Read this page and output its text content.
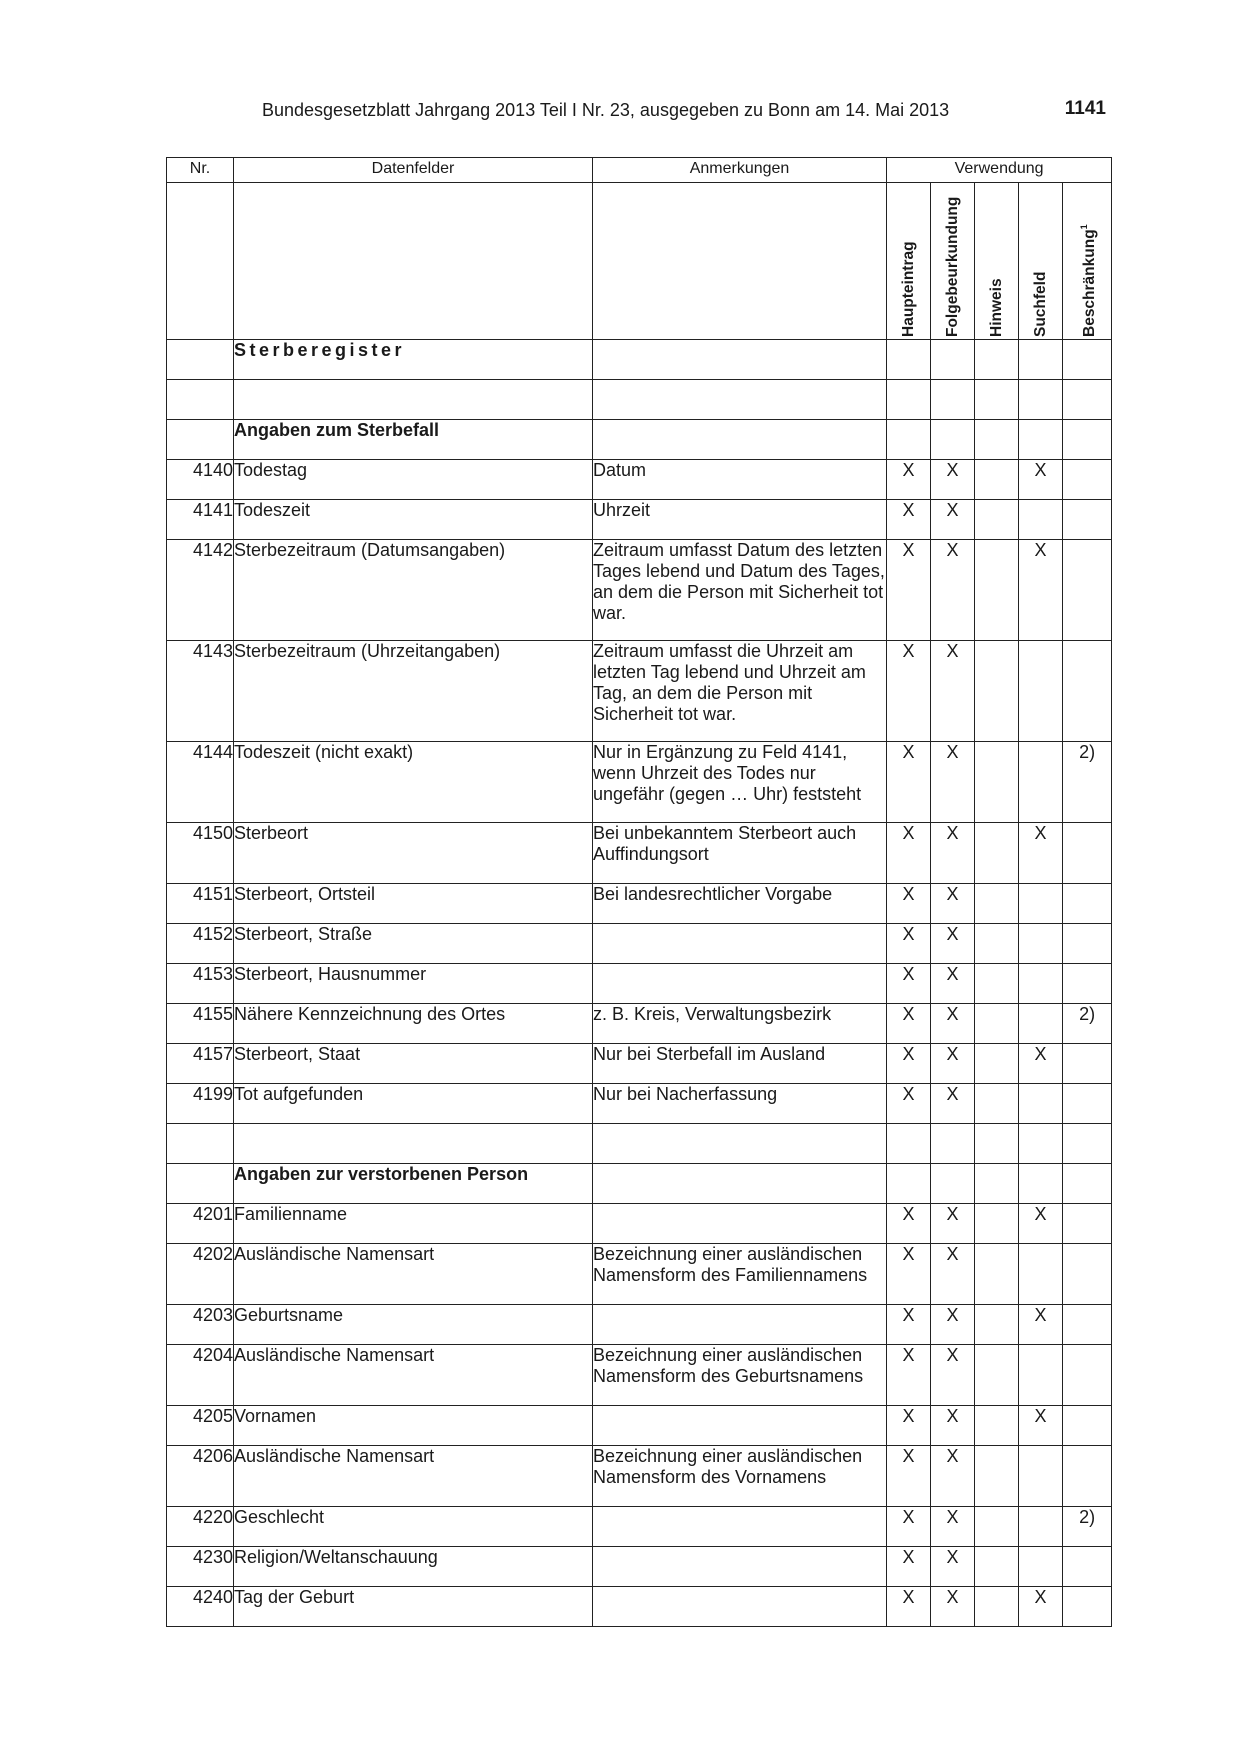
Bundesgesetzblatt Jahrgang 2013 Teil I Nr. 23, ausgegeben zu Bonn am 14. Mai 2013	1141
Nr.	Datenfelder	Anmerkungen	Verwendung				

			Haupteintrag	Folgebeurkundung	Hinweis	Suchfeld	Beschränkung$^1$

	Sterberegister						

	Angaben zum Sterbefall						
4140	Todestag	Datum	X	X		X	
4141	Todeszeit	Uhrzeit	X	X			
4142	Sterbezeitraum (Datumsangaben)	Zeitraum umfasst Datum des letzten Tages lebend und Datum des Tages, an dem die Person mit Sicherheit tot war.	X	X		X	
4143	Sterbezeitraum (Uhrzeitangaben)	Zeitraum umfasst die Uhrzeit am letzten Tag lebend und Uhrzeit am Tag, an dem die Person mit Sicherheit tot war.	X	X			
4144	Todeszeit (nicht exakt)	Nur in Ergänzung zu Feld 4141, wenn Uhrzeit des Todes nur ungefähr (gegen … Uhr) feststeht	X	X			2)
4150	Sterbeort	Bei unbekanntem Sterbeort auch Auffindungsort	X	X		X	
4151	Sterbeort, Ortsteil	Bei landesrechtlicher Vorgabe	X	X			
4152	Sterbeort, Straße		X	X			
4153	Sterbeort, Hausnummer		X	X			
4155	Nähere Kennzeichnung des Ortes	z. B. Kreis, Verwaltungsbezirk	X	X			2)
4157	Sterbeort, Staat	Nur bei Sterbefall im Ausland	X	X		X	
4199	Tot aufgefunden	Nur bei Nacherfassung	X	X			

	Angaben zur verstorbenen Person						
4201	Familienname		X	X		X	
4202	Ausländische Namensart	Bezeichnung einer ausländischen Namensform des Familiennamens	X	X			
4203	Geburtsname		X	X		X	
4204	Ausländische Namensart	Bezeichnung einer ausländischen Namensform des Geburtsnamens	X	X			
4205	Vornamen		X	X		X	
4206	Ausländische Namensart	Bezeichnung einer ausländischen Namensform des Vornamens	X	X			
4220	Geschlecht		X	X			2)
4230	Religion/Weltanschauung		X	X			
4240	Tag der Geburt		X	X		X	
